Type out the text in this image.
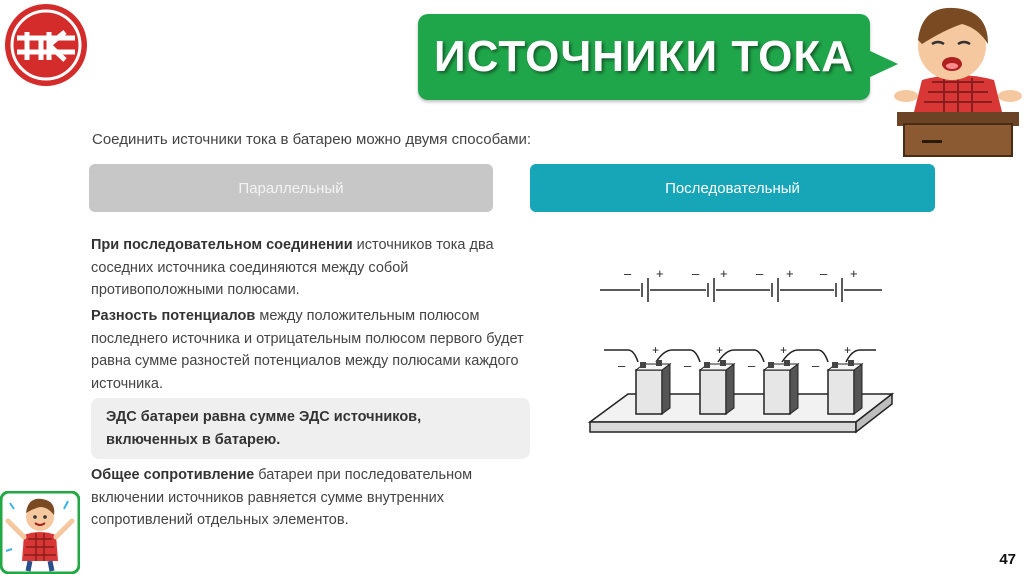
ИСТОЧНИКИ ТОКА
Соединить источники тока в батарею можно двумя способами:
Параллельный	Последовательный
При последовательном соединении источников тока два соседних источника соединяются между собой противоположными полюсами.
Разность потенциалов между положительным полюсом последнего источника и отрицательным полюсом первого будет равна сумме разностей потенциалов между полюсами каждого источника.
ЭДС батареи равна сумме ЭДС источников, включенных в батарею.
Общее сопротивление батареи при последовательном включении источников равняется сумме внутренних сопротивлений отдельных элементов.
– + – + – + – +
–
+
–
+
–
+
–
+
47
